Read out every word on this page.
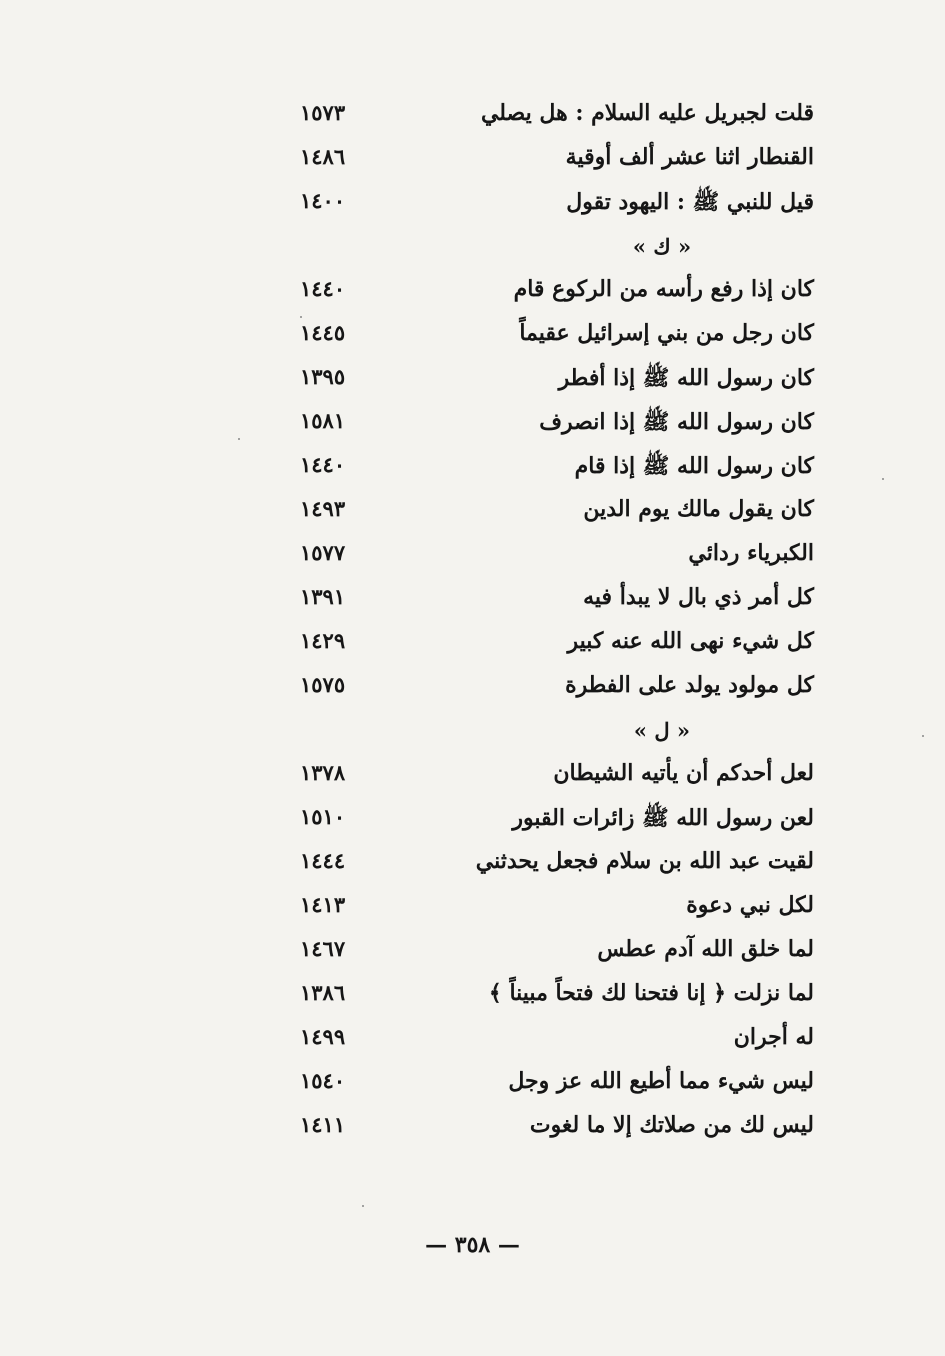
قلت لجبريل عليه السلام : هل يصلي
١٥٧٣
القنطار اثنا عشر ألف أوقية
١٤٨٦
قيل للنبي ﷺ : اليهود تقول
١٤٠٠
« ك »
كان إذا رفع رأسه من الركوع قام
١٤٤٠
كان رجل من بني إسرائيل عقيماً
١٤٤٥
كان رسول الله ﷺ إذا أفطر
١٣٩٥
كان رسول الله ﷺ إذا انصرف
١٥٨١
كان رسول الله ﷺ إذا قام
١٤٤٠
كان يقول مالك يوم الدين
١٤٩٣
الكبرياء ردائي
١٥٧٧
كل أمر ذي بال لا يبدأ فيه
١٣٩١
كل شيء نهى الله عنه كبير
١٤٢٩
كل مولود يولد على الفطرة
١٥٧٥
« ل »
لعل أحدكم أن يأتيه الشيطان
١٣٧٨
لعن رسول الله ﷺ زائرات القبور
١٥١٠
لقيت عبد الله بن سلام فجعل يحدثني
١٤٤٤
لكل نبي دعوة
١٤١٣
لما خلق الله آدم عطس
١٤٦٧
لما نزلت ﴿ إنا فتحنا لك فتحاً مبيناً ﴾
١٣٨٦
له أجران
١٤٩٩
ليس شيء مما أطيع الله عز وجل
١٥٤٠
ليس لك من صلاتك إلا ما لغوت
١٤١١
— ٣٥٨ —
